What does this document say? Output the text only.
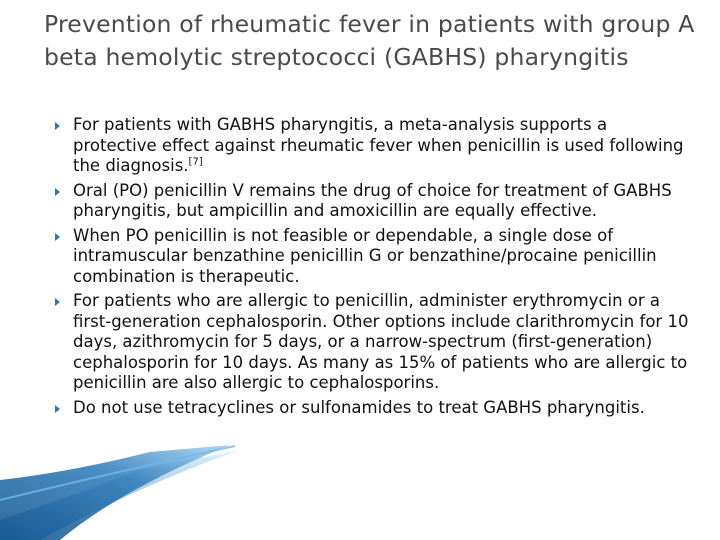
Prevention of rheumatic fever in patients with group A beta hemolytic streptococci (GABHS) pharyngitis
For patients with GABHS pharyngitis, a meta-analysis supports a protective effect against rheumatic fever when penicillin is used following the diagnosis.[7]
Oral (PO) penicillin V remains the drug of choice for treatment of GABHS pharyngitis, but ampicillin and amoxicillin are equally effective.
When PO penicillin is not feasible or dependable, a single dose of intramuscular benzathine penicillin G or benzathine/procaine penicillin combination is therapeutic.
For patients who are allergic to penicillin, administer erythromycin or a first-generation cephalosporin. Other options include clarithromycin for 10 days, azithromycin for 5 days, or a narrow-spectrum (first-generation) cephalosporin for 10 days. As many as 15% of patients who are allergic to penicillin are also allergic to cephalosporins.
Do not use tetracyclines or sulfonamides to treat GABHS pharyngitis.
